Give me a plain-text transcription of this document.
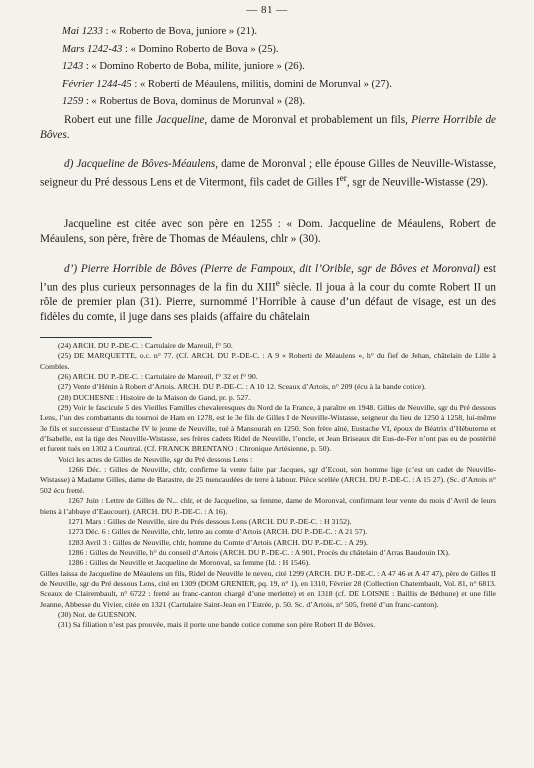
— 81 —
Mai 1233 : « Roberto de Bova, juniore » (21).
Mars 1242-43 : « Domino Roberto de Bova » (25).
1243 : « Domino Roberto de Boba, milite, juniore » (26).
Février 1244-45 : « Roberti de Méaulens, militis, domini de Morunval » (27).
1259 : « Robertus de Bova, dominus de Morunval » (28).
Robert eut une fille Jacqueline, dame de Moronval et probablement un fils, Pierre Horrible de Bôves.
d) Jacqueline de Bôves-Méaulens, dame de Moronval ; elle épouse Gilles de Neuville-Wistasse, seigneur du Pré dessous Lens et de Vitermont, fils cadet de Gilles Ier, sgr de Neuville-Wistasse (29).
Jacqueline est citée avec son père en 1255 : « Dom. Jacqueline de Méaulens, Robert de Méaulens, son père, frère de Thomas de Méaulens, chlr » (30).
d’) Pierre Horrible de Bôves (Pierre de Fampoux, dit l’Orible, sgr de Bôves et Moronval) est l’un des plus curieux personnages de la fin du XIIIe siècle. Il joua à la cour du comte Robert II un rôle de premier plan (31). Pierre, surnommé l’Horrible à cause d’un défaut de visage, est un des fidèles du comte, il juge dans ses plaids (affaire du châtelain

(24) ARCH. DU P.-DE-C. : Cartulaire de Mareuil, f° 50.

(25) DE MARQUETTE, o.c. n° 77. (Cf. ARCH. DU P.-DE-C. : A 9 « Roberti de Méaulens », h° du fief de Jehan, châtelain de Lille à Combles.

(26) ARCH. DU P.-DE-C. : Cartulaire de Mareuil, f° 32 et f° 90.

(27) Vente d’Hénin à Robert d’Artois. ARCH. DU P.-DE-C. : A 10 12. Sceaux d’Artois, n° 209 (écu à la bande cotice).

(28) DUCHESNE : Histoire de la Maison de Gand, pr. p. 527.

(29) Voir le fascicule 5 des Vieilles Familles chevaleresques du Nord de la France, à paraître en 1948. Gilles de Neuville, sgr du Pré dessous Lens, l’un des combattants du tournoi de Ham en 1278, est le 3e fils de Gilles I de Neuville-Wistasse, seigneur du lieu de 1250 à 1258, lui-même 3e fils et successeur d’Eustache IV le jeune de Neuville, tué à Mansourah en 1250. Son frère aîné, Eustache VI, époux de Béatrix d’Hébuterne et d’Isabelle, est la tige des Neuville-Wistasse, ses frères cadets Ridel de Neuville, l’oncle, et Jean Briseaux dit Eus-de-Fer n’ont pas eu de postérité et furent tués en 1302 à Courtrai. (Cf. FRANCK BRENTANO : Chronique Artésienne, p. 50).

Voici les actes de Gilles de Neuville, sgr du Pré dessous Lens :

1266 Déc. : Gilles de Neuville, chlr, confirme la vente faite par Jacques, sgr d’Ecout, son homme lige (c’est un cadet de Neuville-Wistasse) à Madame Gilles, dame de Barastre, de 25 mencaudées de terre à labour. Pièce scellée (ARCH. DU P.-DE-C. : A 15 27). (Sc. d’Artois n° 502 écu fretté.

1267 Juin : Lettre de Gilles de N... chlr, et de Jacqueline, sa femme, dame de Moronval, confirmant leur vente du mois d’Avril de leurs biens à l’abbaye d’Eaucourt). (ARCH. DU P.-DE-C. : A 16).

1271 Mars : Gilles de Neuville, sire du Prés dessous Lens (ARCH. DU P.-DE-C. : H 3152).

1273 Déc. 6 : Gilles de Neuville, chlr, lettre au comte d’Artois (ARCH. DU P.-DE-C. : A 21 57).

1283 Avril 3 : Gilles de Neuville, chlr, homme du Comte d’Artois (ARCH. DU P.-DE-C. : A 29).

1286 : Gilles de Neuville, h° du conseil d’Artois (ARCH. DU P.-DE-C. : A 901, Procès du châtelain d’Arras Baudouin IX).

1286 : Gilles de Neuville et Jacqueline de Moronval, sa femme (Id. : H 1546).

Gilles laissa de Jacqueline de Méaulens un fils, Ridel de Neuville le neveu, cité 1299 (ARCH. DU P.-DE-C. : A 47 46 et A 47 47), père de Gilles II de Neuville, sgr du Pré dessous Lens, cité en 1309 (DOM GRENIER, pq. 19, n° 1), en 1310, Février 28 (Collection Chatembault, Vol. 81, n° 6813. Sceaux de Clairembault, n° 6722 : fretté au franc-canton chargé d’une merlette) et en 1318 (cf. DE LOISNE : Baillis de Béthune) et une fille Jeanne, Abbesse du Vivier, citée en 1321 (Cartulaire Saint-Jean en l’Estrée, p. 50. Sc. d’Artois, n° 505, fretté d’un franc-canton).

(30) Not. de GUESNON.

(31) Sa filiation n’est pas prouvée, mais il porte une bande cotice comme son père Robert II de Bôves.
